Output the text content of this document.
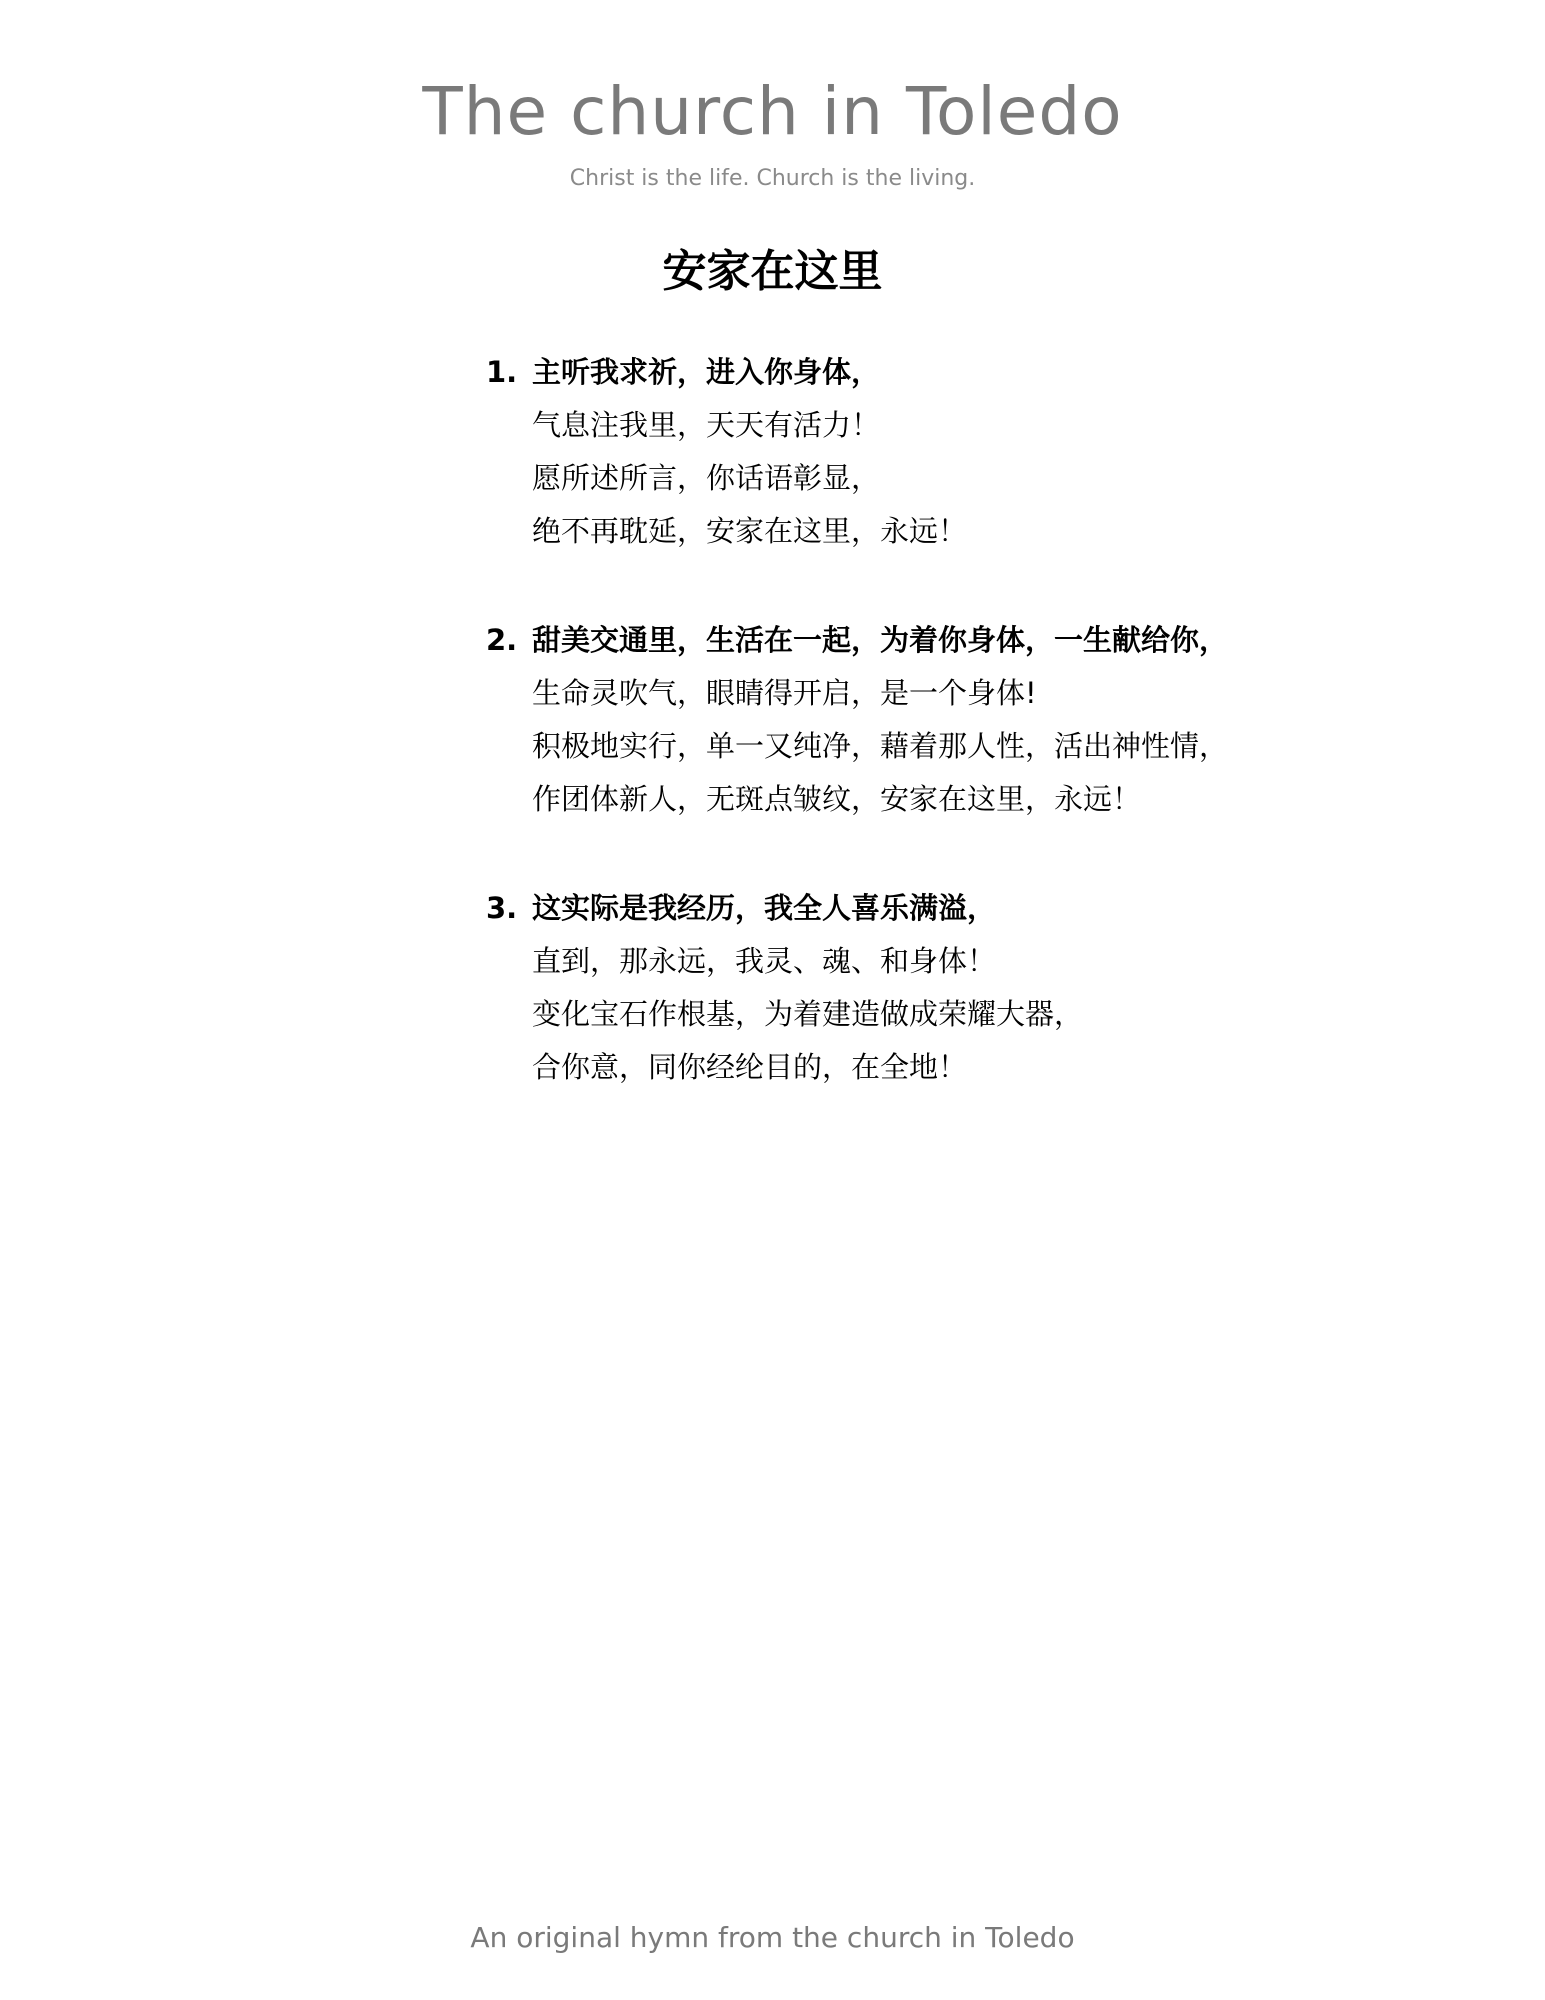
The church in Toledo
Christ is the life. Church is the living.
安家在这里
1. 主听我求祈，进入你身体，
气息注我里，天天有活力！
愿所述所言，你话语彰显，
绝不再耽延，安家在这里，永远！
2. 甜美交通里，生活在一起，为着你身体，一生献给你，
生命灵吹气，眼睛得开启，是一个身体!
积极地实行，单一又纯净，藉着那人性，活出神性情，
作团体新人，无斑点皱纹，安家在这里，永远！
3. 这实际是我经历，我全人喜乐满溢，
直到，那永远，我灵、魂、和身体！
变化宝石作根基，为着建造做成荣耀大器，
合你意，同你经纶目的，在全地！
An original hymn from the church in Toledo
